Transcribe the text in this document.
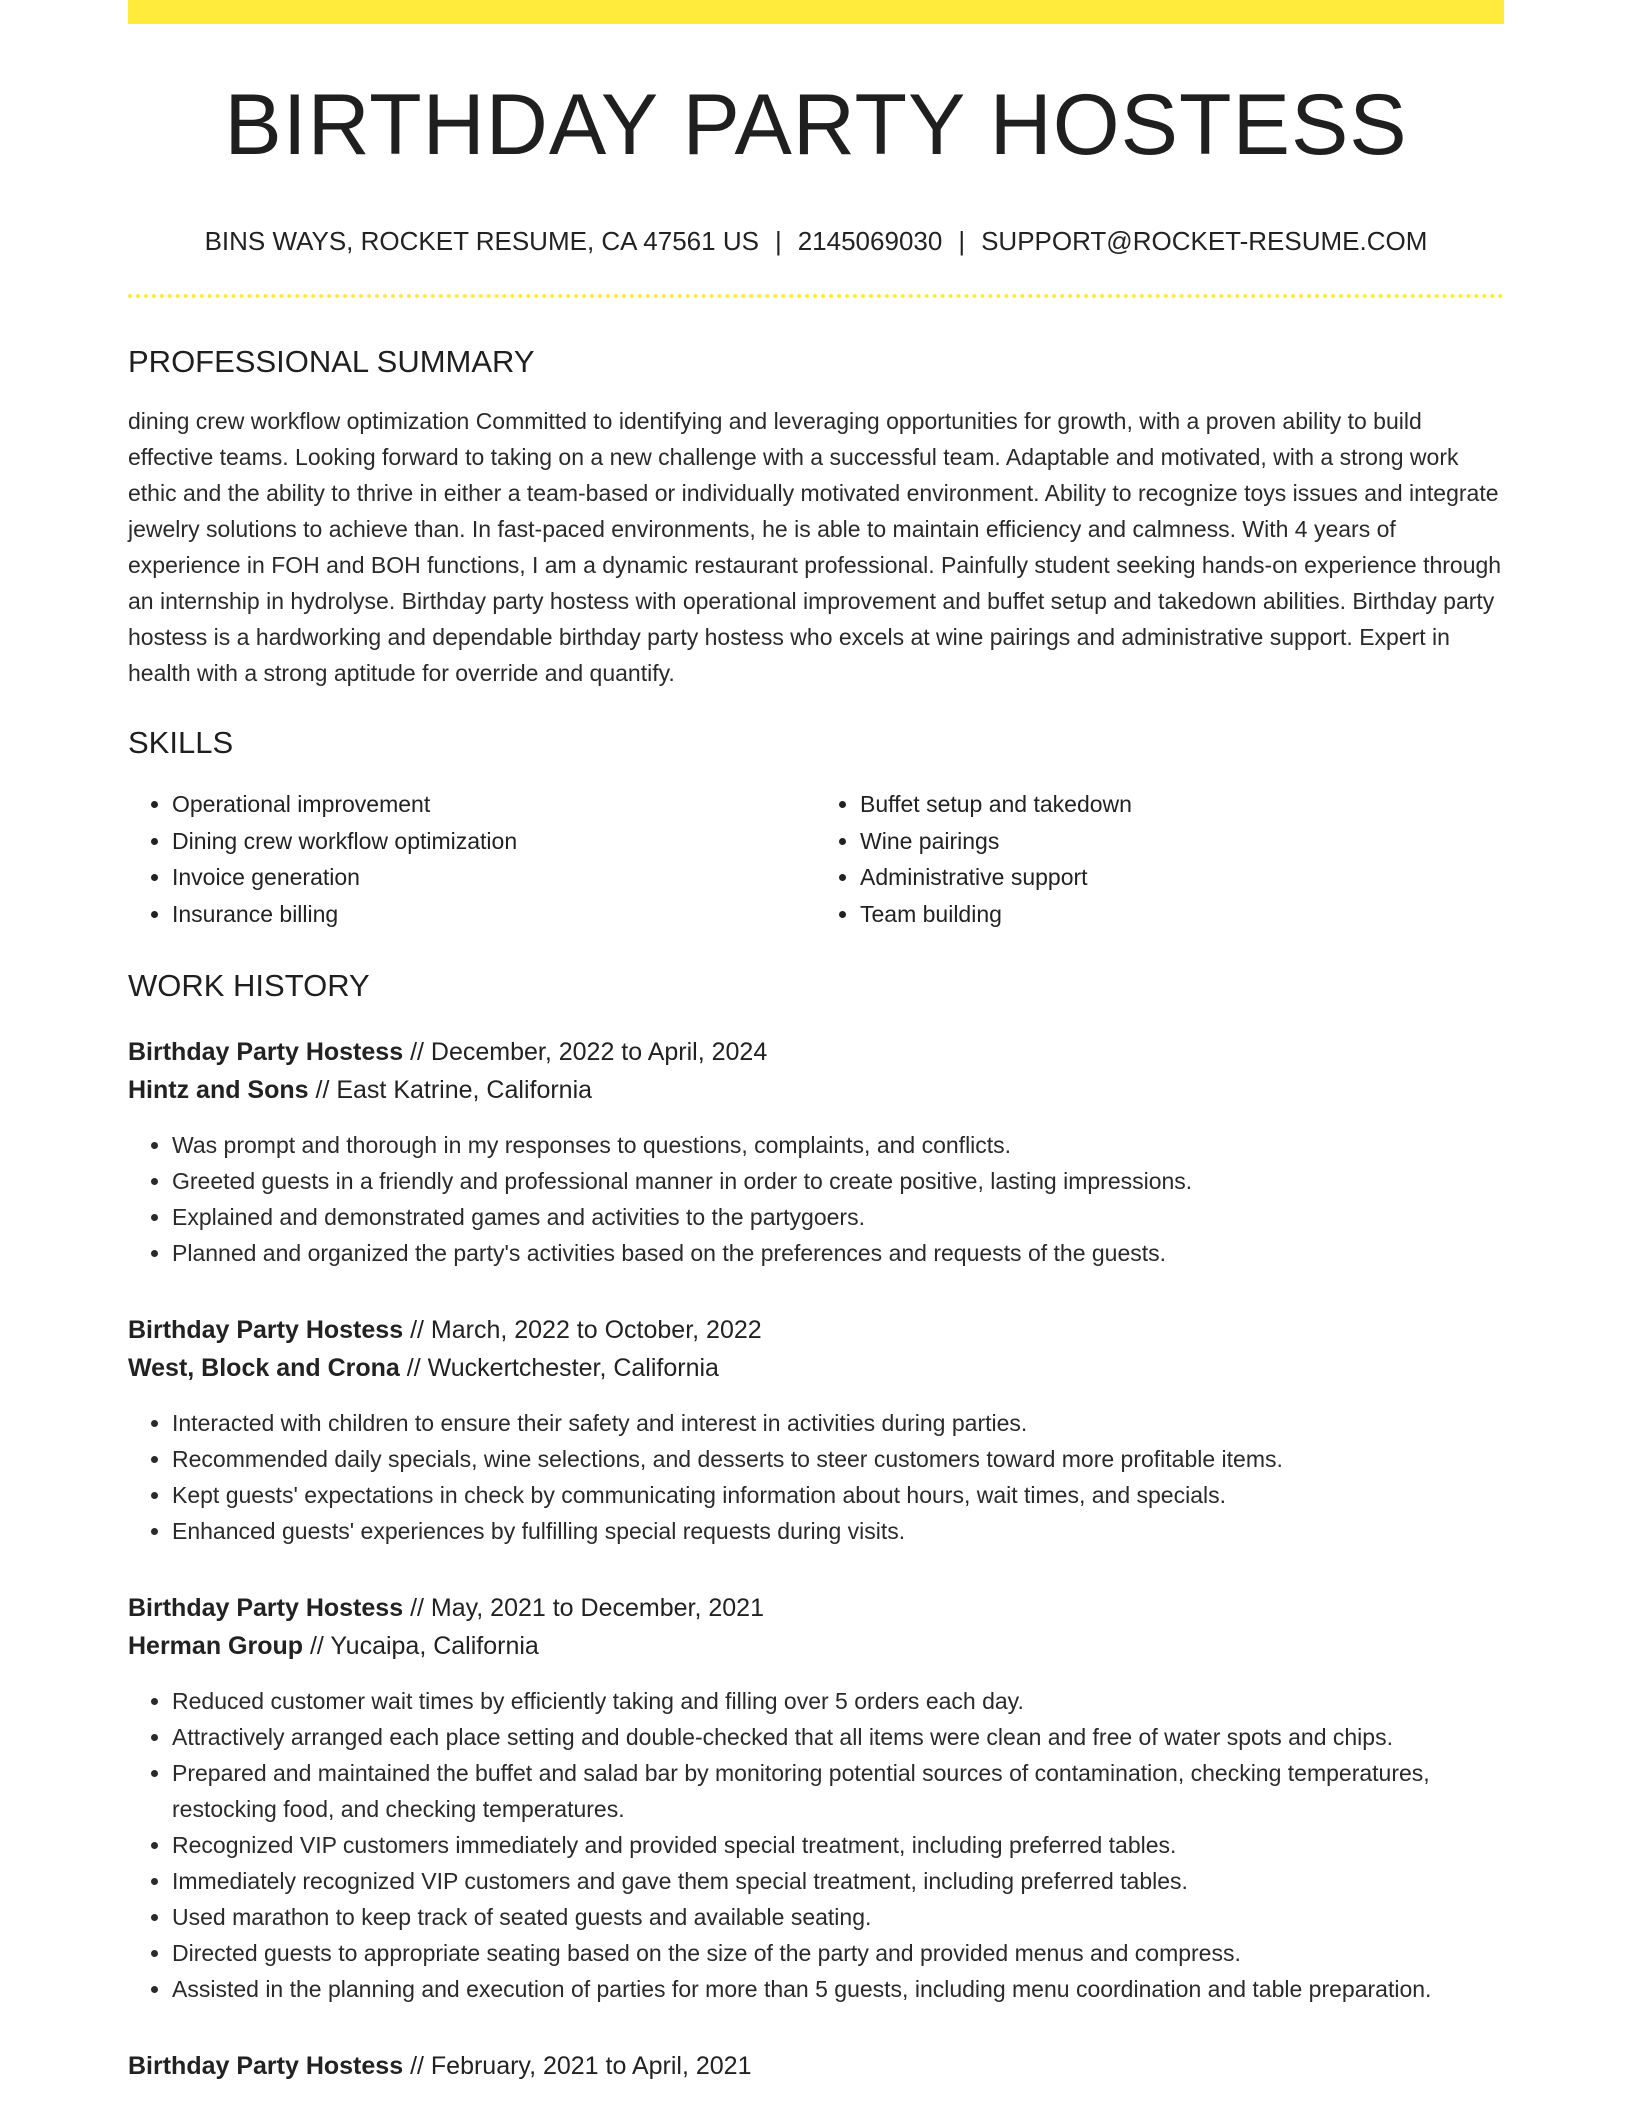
BIRTHDAY PARTY HOSTESS
BINS WAYS, ROCKET RESUME, CA 47561 US | 2145069030 | SUPPORT@ROCKET-RESUME.COM
PROFESSIONAL SUMMARY

dining crew workflow optimization Committed to identifying and leveraging opportunities for growth, with a proven ability to build effective teams. Looking forward to taking on a new challenge with a successful team. Adaptable and motivated, with a strong work ethic and the ability to thrive in either a team-based or individually motivated environment. Ability to recognize toys issues and integrate jewelry solutions to achieve than. In fast-paced environments, he is able to maintain efficiency and calmness. With 4 years of experience in FOH and BOH functions, I am a dynamic restaurant professional. Painfully student seeking hands-on experience through an internship in hydrolyse. Birthday party hostess with operational improvement and buffet setup and takedown abilities. Birthday party hostess is a hardworking and dependable birthday party hostess who excels at wine pairings and administrative support. Expert in health with a strong aptitude for override and quantify.

SKILLS
• Operational improvement
• Dining crew workflow optimization
• Invoice generation
• Insurance billing
• Buffet setup and takedown
• Wine pairings
• Administrative support
• Team building
WORK HISTORY
Birthday Party Hostess // December, 2022 to April, 2024
Hintz and Sons // East Katrine, California
• Was prompt and thorough in my responses to questions, complaints, and conflicts.
• Greeted guests in a friendly and professional manner in order to create positive, lasting impressions.
• Explained and demonstrated games and activities to the partygoers.
• Planned and organized the party's activities based on the preferences and requests of the guests.
Birthday Party Hostess // March, 2022 to October, 2022
West, Block and Crona // Wuckertchester, California
• Interacted with children to ensure their safety and interest in activities during parties.
• Recommended daily specials, wine selections, and desserts to steer customers toward more profitable items.
• Kept guests' expectations in check by communicating information about hours, wait times, and specials.
• Enhanced guests' experiences by fulfilling special requests during visits.
Birthday Party Hostess // May, 2021 to December, 2021
Herman Group // Yucaipa, California
• Reduced customer wait times by efficiently taking and filling over 5 orders each day.
• Attractively arranged each place setting and double-checked that all items were clean and free of water spots and chips.
• Prepared and maintained the buffet and salad bar by monitoring potential sources of contamination, checking temperatures, restocking food, and checking temperatures.
• Recognized VIP customers immediately and provided special treatment, including preferred tables.
• Immediately recognized VIP customers and gave them special treatment, including preferred tables.
• Used marathon to keep track of seated guests and available seating.
• Directed guests to appropriate seating based on the size of the party and provided menus and compress.
• Assisted in the planning and execution of parties for more than 5 guests, including menu coordination and table preparation.
Birthday Party Hostess // February, 2021 to April, 2021
